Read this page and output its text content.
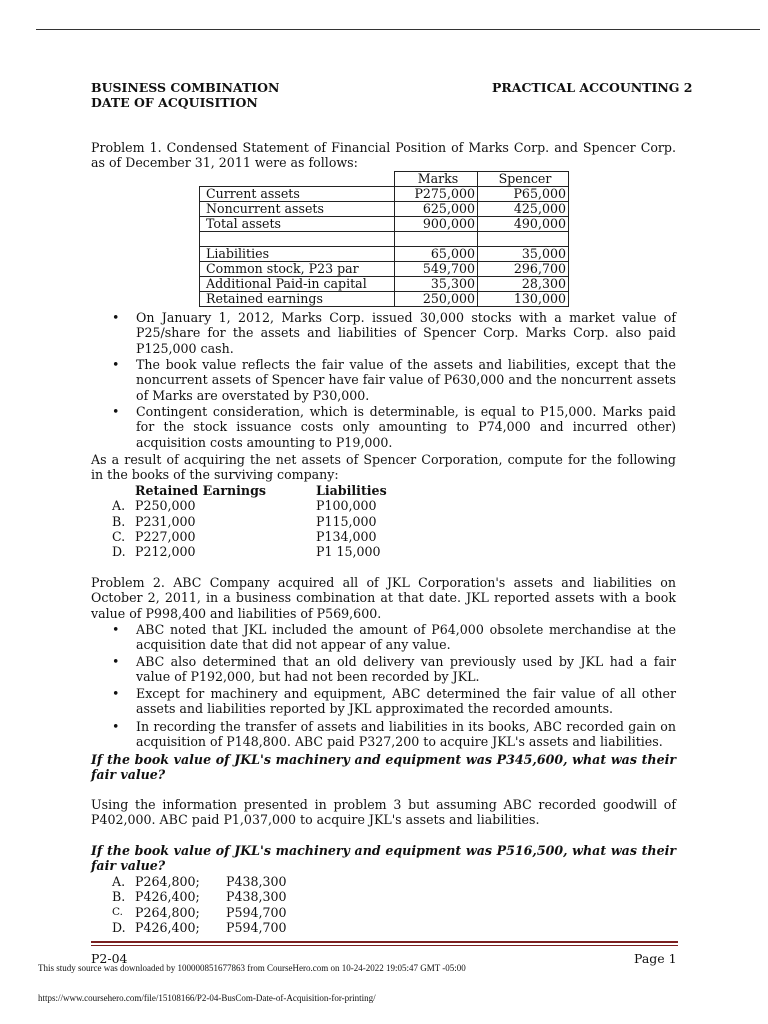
BUSINESS COMBINATION
DATE OF ACQUISITION
PRACTICAL ACCOUNTING 2

Problem 1. Condensed Statement of Financial Position of Marks Corp. and Spencer Corp. as of December 31, 2011 were as follows:

	Marks	Spencer
Current assets	P275,000	P65,000
Noncurrent assets	625,000	425,000
Total assets	900,000	490,000

Liabilities	65,000	35,000
Common stock, P23 par	549,700	296,700
Additional Paid-in capital	35,300	28,300
Retained earnings	250,000	130,000
•	On January 1, 2012, Marks Corp. issued 30,000 stocks with a market value of P25/share for the assets and liabilities of Spencer Corp. Marks Corp. also paid P125,000 cash.
•	The book value reflects the fair value of the assets and liabilities, except that the noncurrent assets of Spencer have fair value of P630,000 and the noncurrent assets of Marks are overstated by P30,000.
•	Contingent consideration, which is determinable, is equal to P15,000. Marks paid for the stock issuance costs only amounting to P74,000 and incurred other) acquisition costs amounting to P19,000.

As a result of acquiring the net assets of Spencer Corporation, compute for the following in the books of the surviving company:

Retained Earnings	Liabilities
A. P250,000	P100,000
B. P231,000	P115,000
C. P227,000	P134,000
D. P212,000	P1 15,000

Problem 2. ABC Company acquired all of JKL Corporation's assets and liabilities on October 2, 2011, in a business combination at that date. JKL reported assets with a book value of P998,400 and liabilities of P569,600.

•	ABC noted that JKL included the amount of P64,000 obsolete merchandise at the acquisition date that did not appear of any value.
•	ABC also determined that an old delivery van previously used by JKL had a fair value of P192,000, but had not been recorded by JKL.
•	Except for machinery and equipment, ABC determined the fair value of all other assets and liabilities reported by JKL approximated the recorded amounts.
•	In recording the transfer of assets and liabilities in its books, ABC recorded gain on acquisition of P148,800. ABC paid P327,200 to acquire JKL's assets and liabilities.

If the book value of JKL's machinery and equipment was P345,600, what was their fair value?

Using the information presented in problem 3 but assuming ABC recorded goodwill of P402,000. ABC paid P1,037,000 to acquire JKL's assets and liabilities.

If the book value of JKL's machinery and equipment was P516,500, what was their fair value?

A. P264,800; P438,300
B. P426,400; P438,300
C. P264,800; P594,700
D. P426,400; P594,700
P2-04	Page 1
This study source was downloaded by 100000851677863 from CourseHero.com on 10-24-2022 19:05:47 GMT -05:00
https://www.coursehero.com/file/15108166/P2-04-BusCom-Date-of-Acquisition-for-printing/
